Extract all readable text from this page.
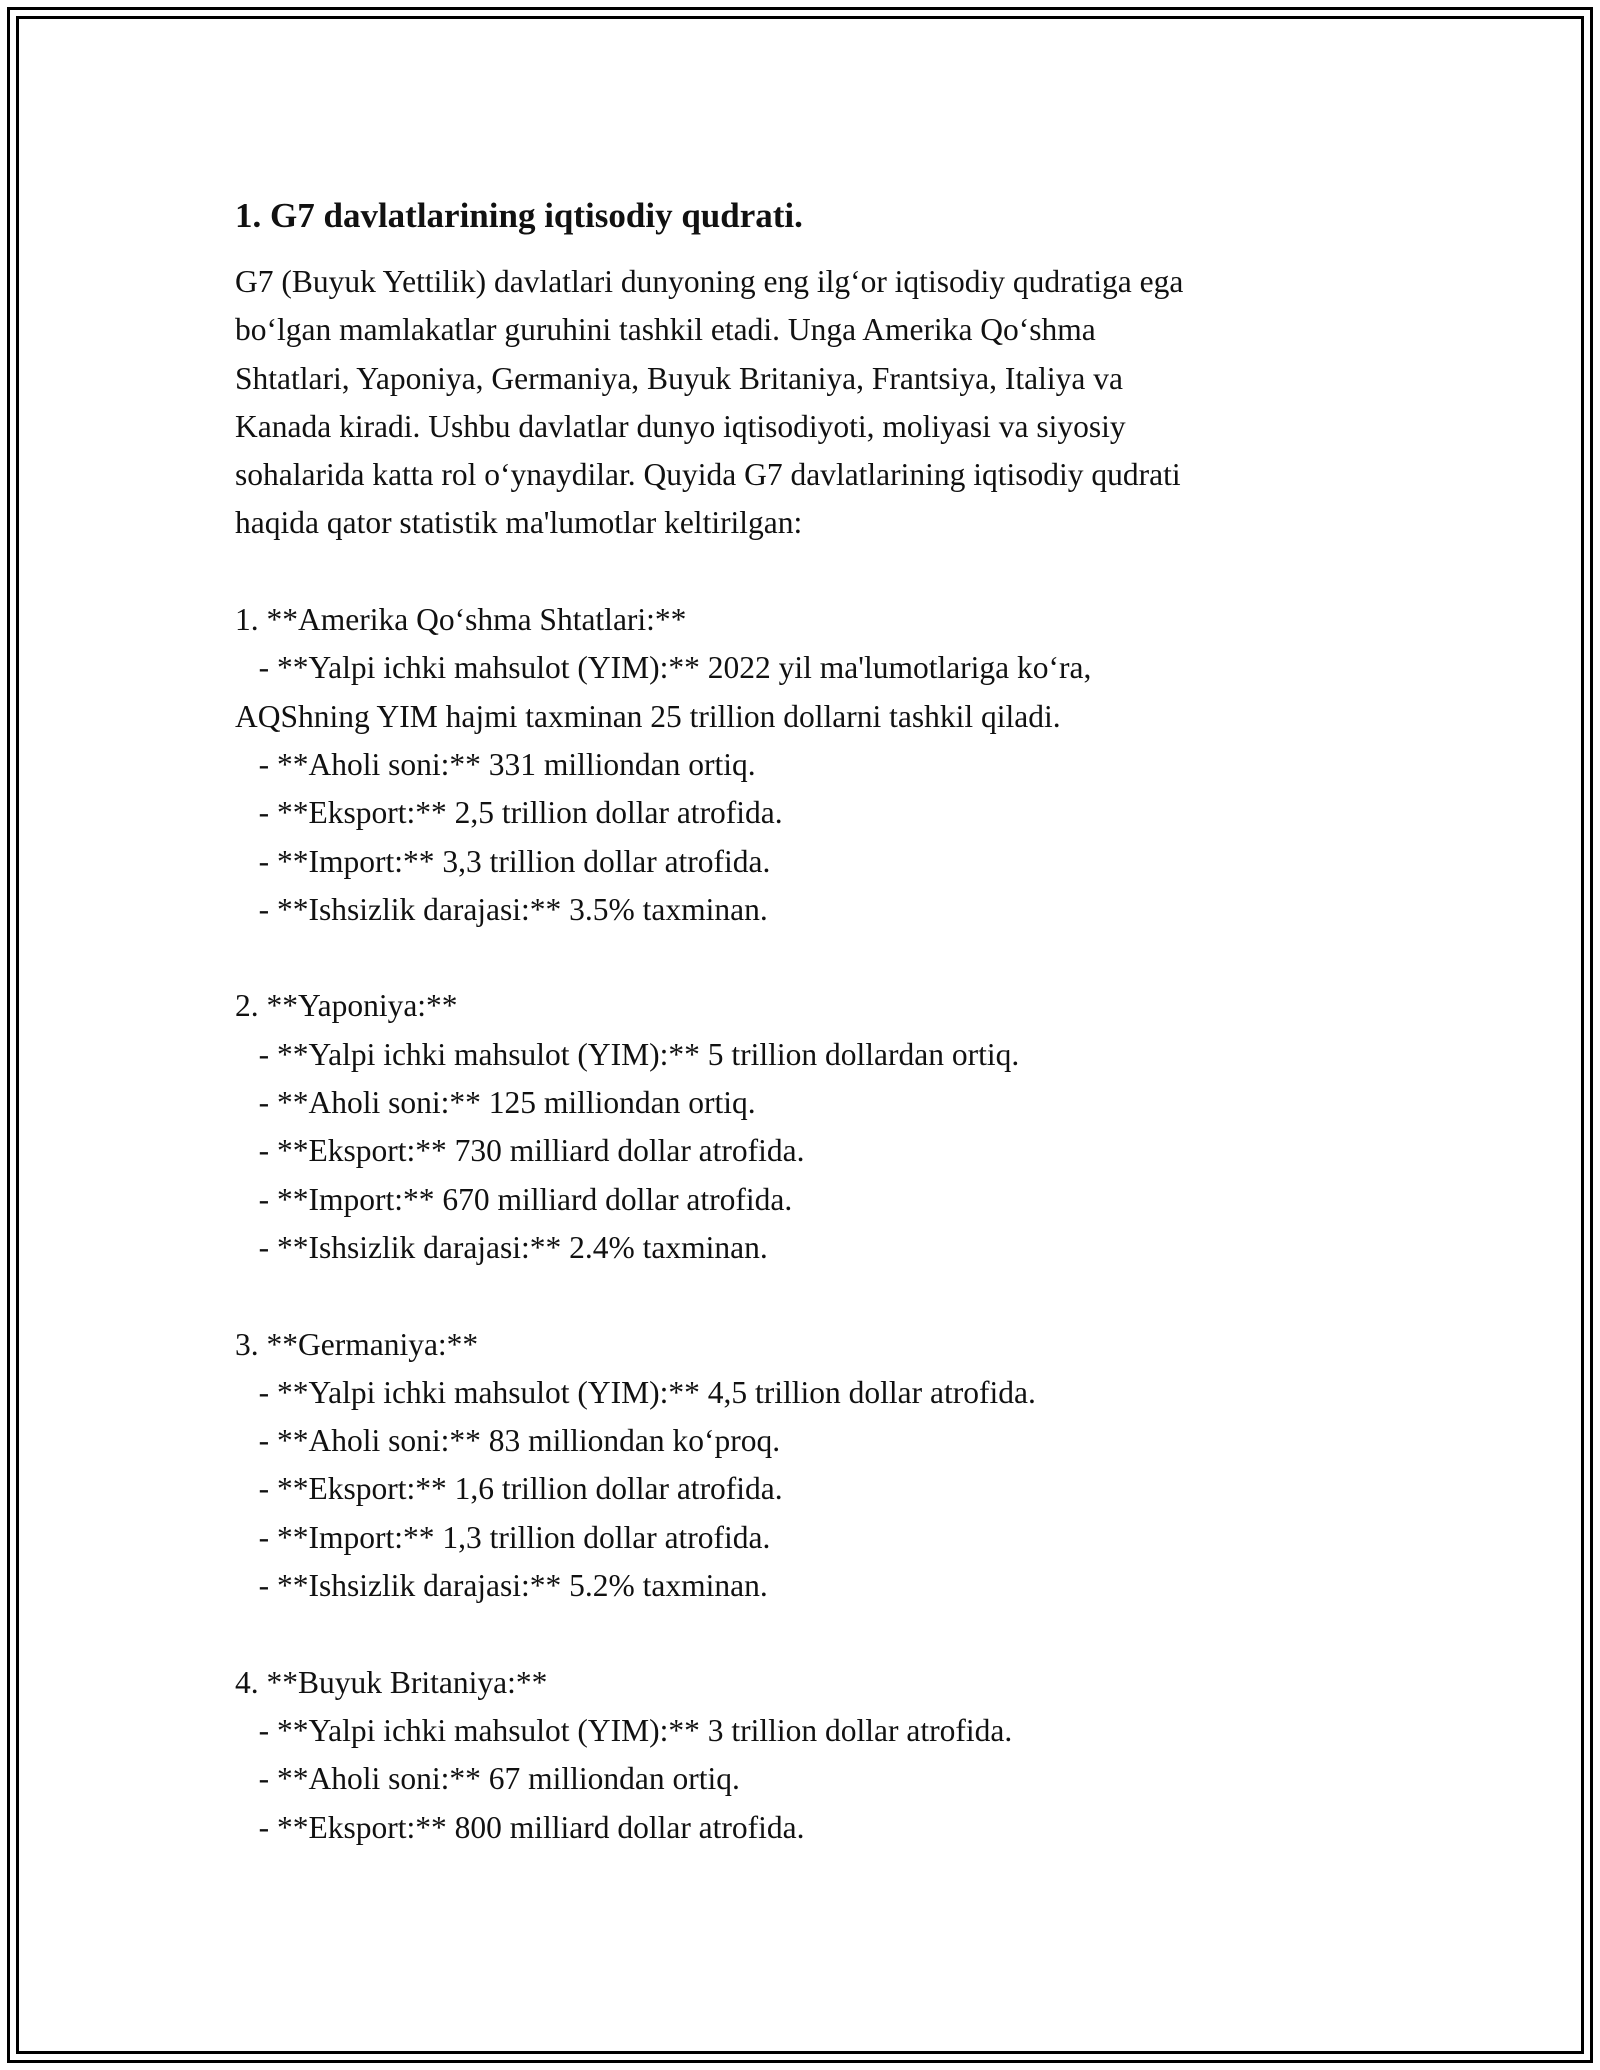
1. G7 davlatlarining iqtisodiy qudrati.
G7 (Buyuk Yettilik) davlatlari dunyoning eng ilg‘or iqtisodiy qudratiga ega
bo‘lgan mamlakatlar guruhini tashkil etadi. Unga Amerika Qo‘shma
Shtatlari, Yaponiya, Germaniya, Buyuk Britaniya, Frantsiya, Italiya va
Kanada kiradi. Ushbu davlatlar dunyo iqtisodiyoti, moliyasi va siyosiy
sohalarida katta rol o‘ynaydilar. Quyida G7 davlatlarining iqtisodiy qudrati
haqida qator statistik ma'lumotlar keltirilgan:
1. **Amerika Qo‘shma Shtatlari:**
- **Yalpi ichki mahsulot (YIM):** 2022 yil ma'lumotlariga ko‘ra,
AQShning YIM hajmi taxminan 25 trillion dollarni tashkil qiladi.
- **Aholi soni:** 331 milliondan ortiq.
- **Eksport:** 2,5 trillion dollar atrofida.
- **Import:** 3,3 trillion dollar atrofida.
- **Ishsizlik darajasi:** 3.5% taxminan.
2. **Yaponiya:**
- **Yalpi ichki mahsulot (YIM):** 5 trillion dollardan ortiq.
- **Aholi soni:** 125 milliondan ortiq.
- **Eksport:** 730 milliard dollar atrofida.
- **Import:** 670 milliard dollar atrofida.
- **Ishsizlik darajasi:** 2.4% taxminan.
3. **Germaniya:**
- **Yalpi ichki mahsulot (YIM):** 4,5 trillion dollar atrofida.
- **Aholi soni:** 83 milliondan ko‘proq.
- **Eksport:** 1,6 trillion dollar atrofida.
- **Import:** 1,3 trillion dollar atrofida.
- **Ishsizlik darajasi:** 5.2% taxminan.
4. **Buyuk Britaniya:**
- **Yalpi ichki mahsulot (YIM):** 3 trillion dollar atrofida.
- **Aholi soni:** 67 milliondan ortiq.
- **Eksport:** 800 milliard dollar atrofida.
